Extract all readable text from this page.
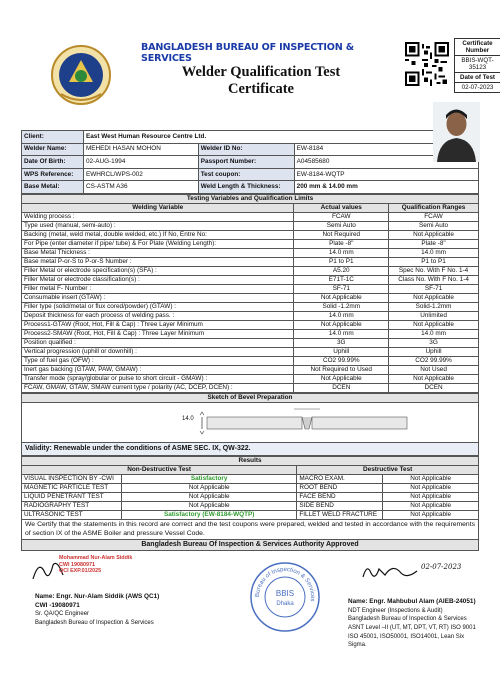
BANGLADESH BUREAU OF INSPECTION & SERVICES
Welder Qualification Test
Certificate
Certificate Number
BBIS-WQT-35123
Date of Test
02-07-2023
Client:	East West Human Resource Centre Ltd.		
Welder Name:	MEHEDI HASAN MOHON	Welder ID No:	EW-8184
Date Of Birth:	02-AUG-1994	Passport Number:	A04585680
WPS Reference:	EWHRCL/WPS-002	Test coupon:	EW-8184-WQTP
Base Metal:	CS-ASTM A36	Weld Length & Thickness:	200 mm & 14.00 mm
Testing Variables and Qualification Limits		
Welding Variable	Actual values	Qualification Ranges
Welding process :	FCAW	FCAW
Type used (manual, semi-auto) :	Semi Auto	Semi Auto
Backing (metal, weld metal, double welded, etc.) If No, Entre No:	Not Required	Not Applicable
For Pipe (enter diameter if pipe/ tube) & For Plate (Welding Length):	Plate -8"	Plate -8"
Base Metal Thickness :	14.0 mm	14.0 mm
Base metal P-or-S to P-or-S Number :	P1 to P1	P1 to P1
Filler Metal or electrode specification(s) (SFA) :	A5.20	Spec No. With F No. 1-4
Filler Metal or electrode classification(s) :	E71T-1C	Class No. With F No. 1-4
Filler metal F- Number :	SF-71	SF-71
Consumable insert (GTAW) :	Not Applicable	Not Applicable
Filler type (solid/metal or flux cored/powder) (GTAW) :	Solid -1.2mm	Solid-1.2mm
Deposit thickness for each process of welding pass. :	14.0 mm	Unlimited
Process1-GTAW (Root, Hot, Fill & Cap) : Three Layer Minimum	Not Applicable	Not Applicable
Process2-SMAW (Root, Hot, Fill & Cap) : Three Layer Minimum	14.0 mm	14.0 mm
Position qualified :	3G	3G
Vertical progression (uphill or downhill) :	Uphill	Uphill
Type of fuel gas (OFW) :	CO2 99.99%	CO2 99.99%
Inert gas backing (GTAW, PAW, GMAW) :	Not Required to Used	Not Used
Transfer mode (spray/globular or pulse to short circuit - GMAW) :	Not Applicable	Not Applicable
FCAW, GMAW, GTAW, SMAW current type / polarity (AC, DCEP, DCEN) :	DCEN	DCEN
Sketch of Bevel Preparation
14.0
Validity: Renewable under the conditions of ASME SEC. IX, QW-322.
Results			
Non-Destructive Test		Destructive Test	
VISUAL INSPECTION BY -CWI	Satisfactory	MACRO EXAM.	Not Applicable
MAGNETIC PARTICLE TEST	Not Applicable	ROOT BEND	Not Applicable
LIQUID PENETRANT TEST	Not Applicable	FACE BEND	Not Applicable
RADIOGRAPHY TEST	Not Applicable	SIDE BEND	Not Applicable
ULTRASONIC TEST	Satisfactory (EW-8184-WQTP)	FILLET WELD FRACTURE	Not Applicable
We Certify that the statements in this record are correct and the test coupons were prepared, welded and tested in accordance with the requirements of section IX of the ASME Boiler and pressure Vessel Code.
Bangladesh Bureau Of Inspection & Services Authority Approved
Mohammad Nur-Alam Siddik
CWI 19080971
QCI EXP.01/2025
Name: Engr. Nur-Alam Siddik (AWS QC1)
CWI -19080971
Sr. QA/QC Engineer
Bangladesh Bureau of Inspection & Services
Bureau of Inspection & Services
BBIS
Dhaka
02-07-2023
Name: Engr. Mahbubul Alam (AIEB-24051)
NDT Engineer (Inspections & Audit)
Bangladesh Bureau of Inspection & Services
ASNT Level –II (UT, MT, DPT, VT, RT) ISO 9001
ISO 45001, ISO50001, ISO14001, Lean Six Sigma.
